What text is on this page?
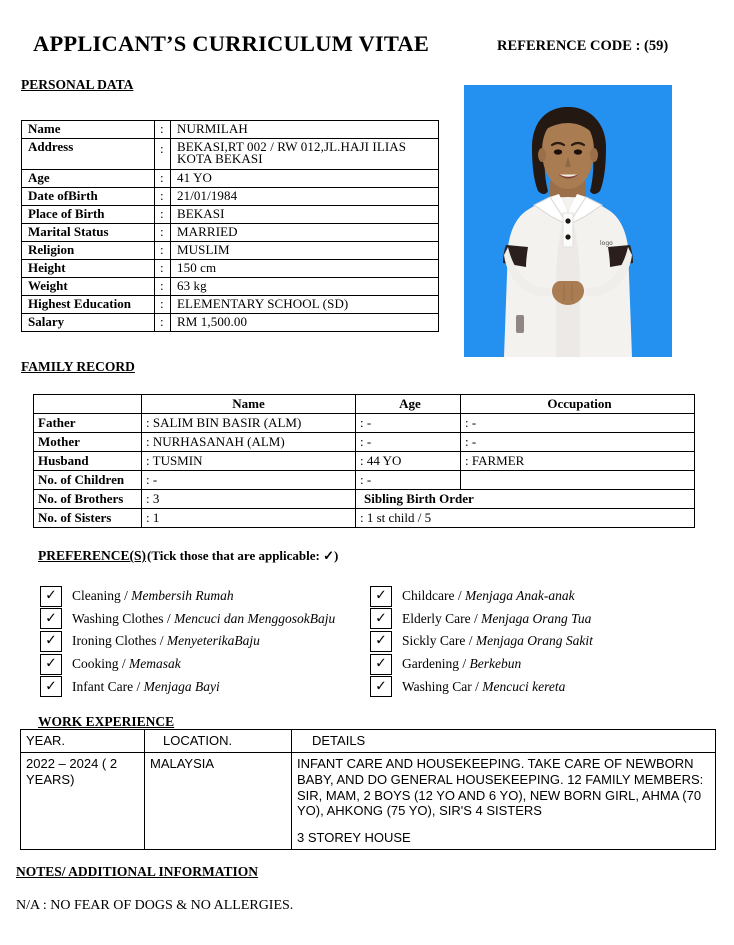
APPLICANT’S CURRICULUM VITAE	REFERENCE CODE : (59)
PERSONAL DATA
Name	:	NURMILAH
Address	:	BEKASI,RT 002 / RW 012,JL.HAJI ILIAS
KOTA BEKASI

Age	:	41 YO
Date ofBirth	:	21/01/1984
Place of Birth	:	BEKASI
Marital Status	:	MARRIED
Religion	:	MUSLIM
Height	:	150 cm
Weight	:	63 kg
Highest Education	:	ELEMENTARY SCHOOL (SD)
Salary	:	RM 1,500.00
logo
FAMILY RECORD
	Name	Age	Occupation
Father	: SALIM BIN BASIR (ALM)	: -	: -
Mother	: NURHASANAH (ALM)	: -	: -
Husband	: TUSMIN	: 44 YO	: FARMER
No. of Children	: -	: -	
No. of Brothers	: 3	Sibling Birth Order	
No. of Sisters	: 1	: 1 st child / 5	
PREFERENCE(S) (Tick those that are applicable: ✓)
✓	Cleaning / Membersih Rumah
✓	Washing Clothes / Mencuci dan MenggosokBaju
✓	Ironing Clothes / MenyeterikaBaju
✓	Cooking / Memasak
✓	Infant Care / Menjaga Bayi
✓	Childcare / Menjaga Anak-anak
✓	Elderly Care / Menjaga Orang Tua
✓	Sickly Care / Menjaga Orang Sakit
✓	Gardening / Berkebun
✓	Washing Car / Mencuci kereta
WORK EXPERIENCE
YEAR.	LOCATION.	DETAILS
2022 – 2024 ( 2 YEARS)	MALAYSIA	INFANT CARE AND HOUSEKEEPING. TAKE CARE OF NEWBORN BABY, AND DO GENERAL HOUSEKEEPING. 12 FAMILY MEMBERS: SIR, MAM, 2 BOYS (12 YO AND 6 YO), NEW BORN GIRL, AHMA (70 YO), AHKONG (75 YO), SIR'S 4 SISTERS

3 STOREY HOUSE

NOTES/ ADDITIONAL INFORMATION
N/A : NO FEAR OF DOGS & NO ALLERGIES.
